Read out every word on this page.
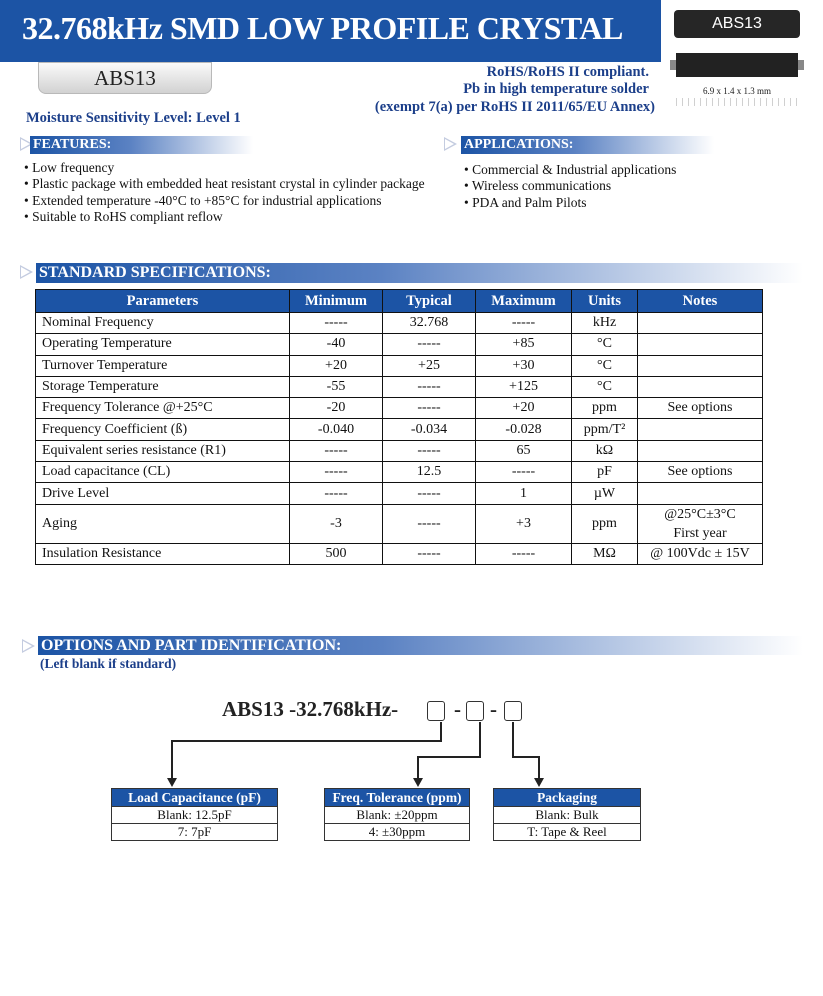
32.768kHz SMD LOW PROFILE CRYSTAL	ABS13
6.9 x 1.4 x 1.3 mm
ABS13	RoHS/RoHS II compliant.
Pb in high temperature solder
(exempt 7(a) per RoHS II 2011/65/EU Annex)
Moisture Sensitivity Level: Level 1
FEATURES:
• Low frequency
• Plastic package with embedded heat resistant crystal in cylinder package
• Extended temperature -40°C to +85°C for industrial applications
• Suitable to RoHS compliant reflow
APPLICATIONS:
• Commercial & Industrial applications
• Wireless communications
• PDA and Palm Pilots
STANDARD SPECIFICATIONS:
Parameters	Minimum	Typical	Maximum	Units	Notes
Nominal Frequency	-----	32.768	-----	kHz	
Operating Temperature	-40	-----	+85	°C	
Turnover Temperature	+20	+25	+30	°C	
Storage Temperature	-55	-----	+125	°C	
Frequency Tolerance @+25°C	-20	-----	+20	ppm	See options
Frequency Coefficient (ß)	-0.040	-0.034	-0.028	ppm/T²	
Equivalent series resistance (R1)	-----	-----	65	kΩ	
Load capacitance (CL)	-----	12.5	-----	pF	See options
Drive Level	-----	-----	1	µW	
Aging	-3	-----	+3	ppm	@25°C±3°C
First year
Insulation Resistance	500	-----	-----	MΩ	@ 100Vdc ± 15V
OPTIONS AND PART IDENTIFICATION:
(Left blank if standard)
ABS13 -32.768kHz-	- -
Load Capacitance (pF)
Blank: 12.5pF
7: 7pF
Freq. Tolerance (ppm)
Blank: ±20ppm
4: ±30ppm
Packaging
Blank: Bulk
T: Tape & Reel
